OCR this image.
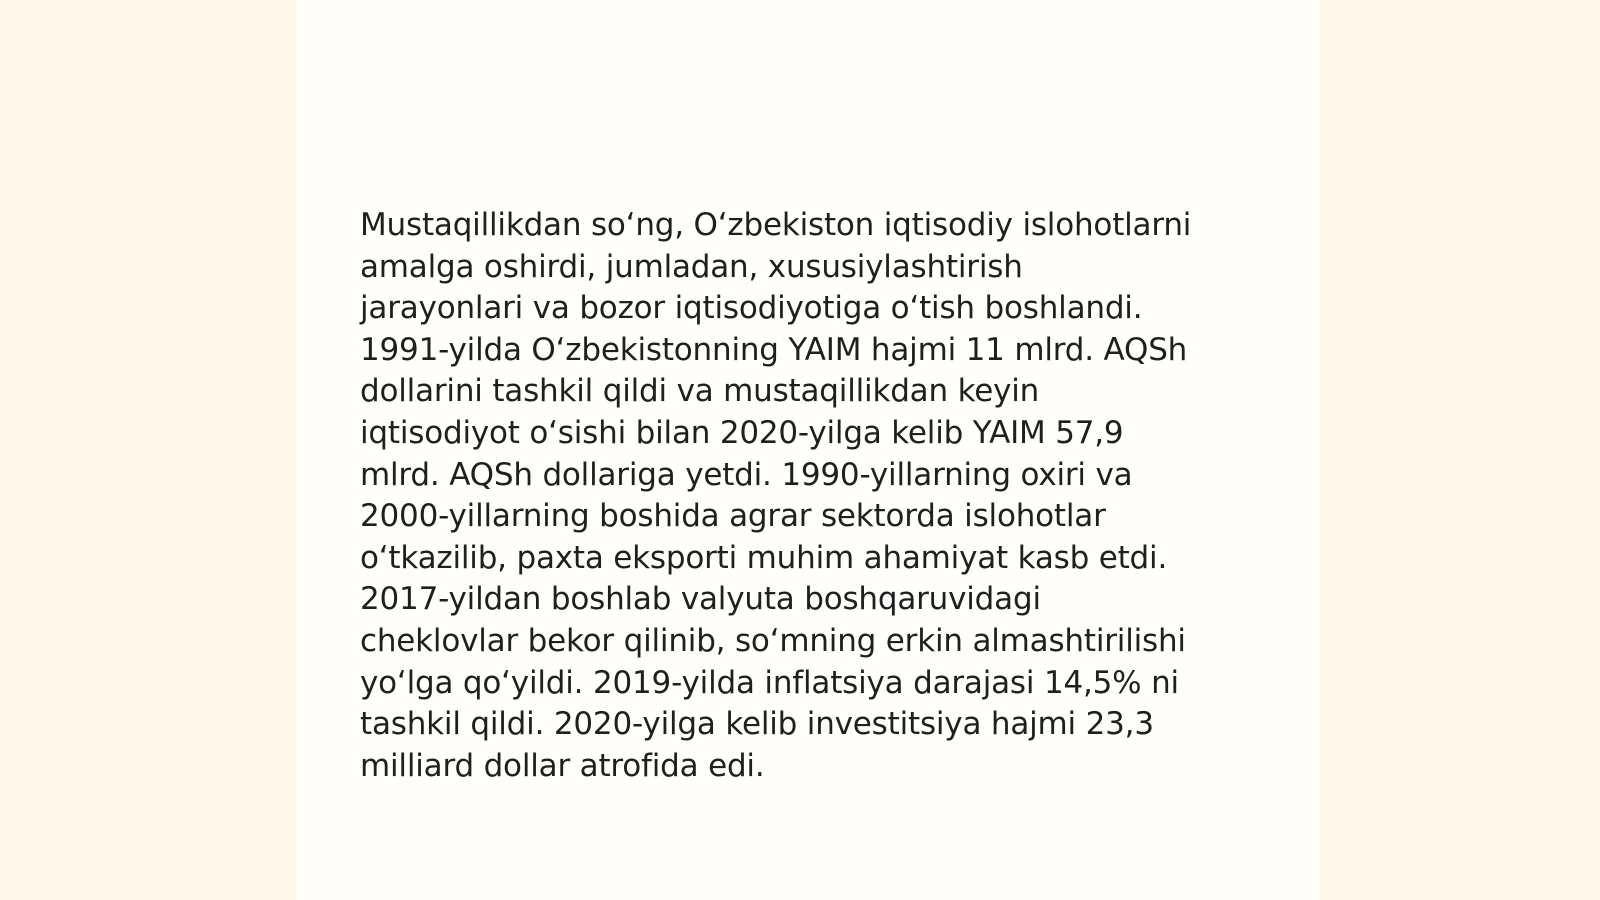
Mustaqillikdan so‘ng, O‘zbekiston iqtisodiy islohotlarni
amalga oshirdi, jumladan, xususiylashtirish
jarayonlari va bozor iqtisodiyotiga o‘tish boshlandi.
1991-yilda O‘zbekistonning YAIM hajmi 11 mlrd. AQSh
dollarini tashkil qildi va mustaqillikdan keyin
iqtisodiyot o‘sishi bilan 2020-yilga kelib YAIM 57,9
mlrd. AQSh dollariga yetdi. 1990-yillarning oxiri va
2000-yillarning boshida agrar sektorda islohotlar
o‘tkazilib, paxta eksporti muhim ahamiyat kasb etdi.
2017-yildan boshlab valyuta boshqaruvidagi
cheklovlar bekor qilinib, so‘mning erkin almashtirilishi
yo‘lga qo‘yildi. 2019-yilda inflatsiya darajasi 14,5% ni
tashkil qildi. 2020-yilga kelib investitsiya hajmi 23,3
milliard dollar atrofida edi.
